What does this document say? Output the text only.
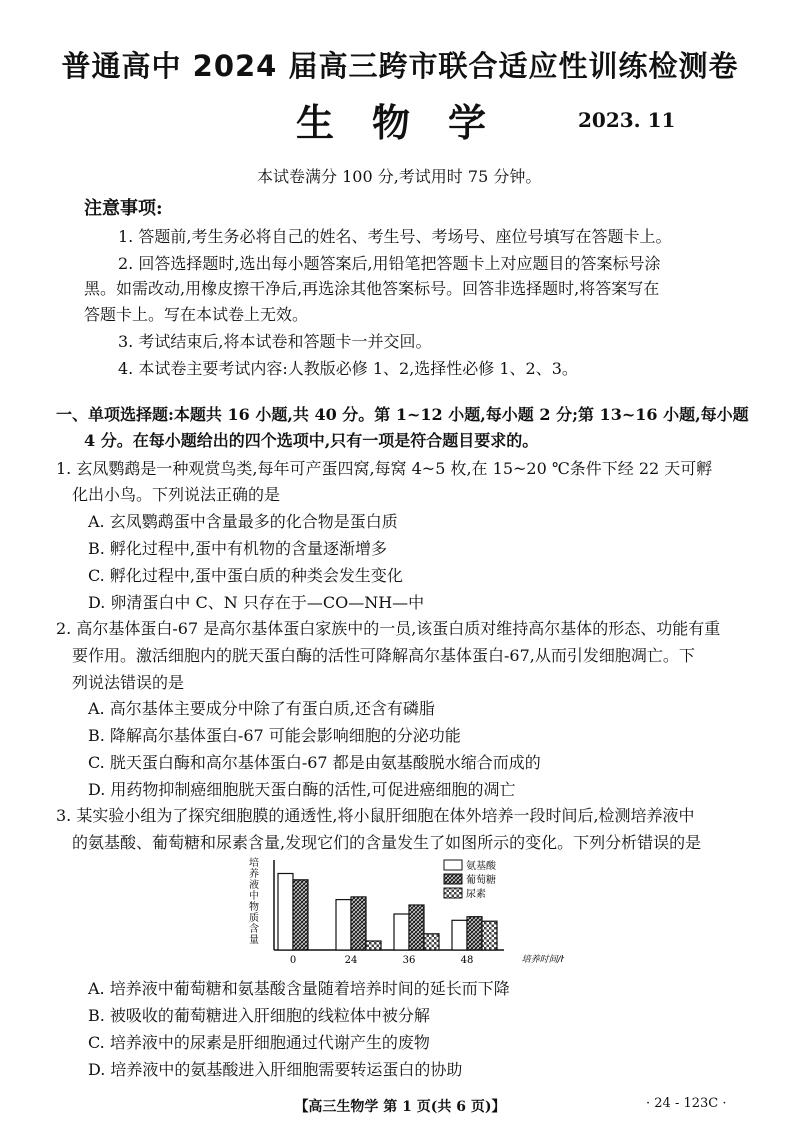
普通高中 2024 届高三跨市联合适应性训练检测卷
生物学	2023. 11
本试卷满分 100 分,考试用时 75 分钟。
注意事项:
1. 答题前,考生务必将自己的姓名、考生号、考场号、座位号填写在答题卡上。
2. 回答选择题时,选出每小题答案后,用铅笔把答题卡上对应题目的答案标号涂
黑。如需改动,用橡皮擦干净后,再选涂其他答案标号。回答非选择题时,将答案写在
答题卡上。写在本试卷上无效。
3. 考试结束后,将本试卷和答题卡一并交回。
4. 本试卷主要考试内容:人教版必修 1、2,选择性必修 1、2、3。
一、单项选择题:本题共 16 小题,共 40 分。第 1~12 小题,每小题 2 分;第 13~16 小题,每小题
4 分。在每小题给出的四个选项中,只有一项是符合题目要求的。
1. 玄凤鹦鹉是一种观赏鸟类,每年可产蛋四窝,每窝 4~5 枚,在 15~20 ℃条件下经 22 天可孵
化出小鸟。下列说法正确的是
A. 玄凤鹦鹉蛋中含量最多的化合物是蛋白质
B. 孵化过程中,蛋中有机物的含量逐渐增多
C. 孵化过程中,蛋中蛋白质的种类会发生变化
D. 卵清蛋白中 C、N 只存在于—CO—NH—中
2. 高尔基体蛋白-67 是高尔基体蛋白家族中的一员,该蛋白质对维持高尔基体的形态、功能有重
要作用。激活细胞内的胱天蛋白酶的活性可降解高尔基体蛋白-67,从而引发细胞凋亡。下
列说法错误的是
A. 高尔基体主要成分中除了有蛋白质,还含有磷脂
B. 降解高尔基体蛋白-67 可能会影响细胞的分泌功能
C. 胱天蛋白酶和高尔基体蛋白-67 都是由氨基酸脱水缩合而成的
D. 用药物抑制癌细胞胱天蛋白酶的活性,可促进癌细胞的凋亡
3. 某实验小组为了探究细胞膜的通透性,将小鼠肝细胞在体外培养一段时间后,检测培养液中
的氨基酸、葡萄糖和尿素含量,发现它们的含量发生了如图所示的变化。下列分析错误的是
培
养
液
中
物
质
含
量
0	24	36	48	培养时间/h
氨基酸
葡萄糖
尿素
A. 培养液中葡萄糖和氨基酸含量随着培养时间的延长而下降
B. 被吸收的葡萄糖进入肝细胞的线粒体中被分解
C. 培养液中的尿素是肝细胞通过代谢产生的废物
D. 培养液中的氨基酸进入肝细胞需要转运蛋白的协助
【高三生物学 第 1 页(共 6 页)】	· 24 - 123C ·
